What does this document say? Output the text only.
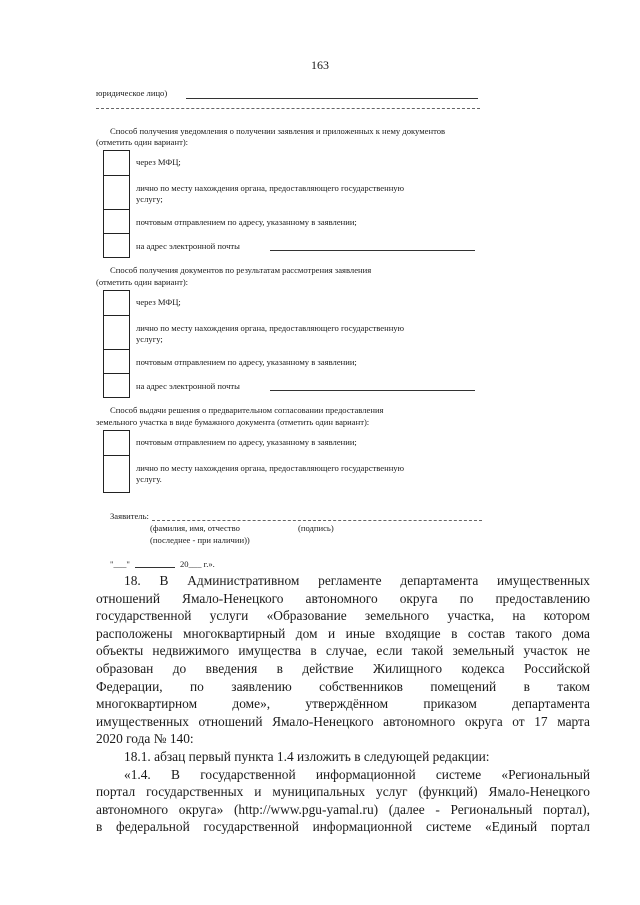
163
юридическое лицо)
Способ получения уведомления о получении заявления и приложенных к нему документов
(отметить один вариант):
через МФЦ;
лично по месту нахождения органа, предоставляющего государственную
услугу;
почтовым отправлением по адресу, указанному в заявлении;
на адрес электронной почты
Способ получения документов по результатам рассмотрения заявления
(отметить один вариант):
через МФЦ;
лично по месту нахождения органа, предоставляющего государственную
услугу;
почтовым отправлением по адресу, указанному в заявлении;
на адрес электронной почты
Способ выдачи решения о предварительном согласовании предоставления
земельного участка в виде бумажного документа (отметить один вариант):
почтовым отправлением по адресу, указанному в заявлении;
лично по месту нахождения органа, предоставляющего государственную
услугу.
Заявитель:
(фамилия, имя, отчество	(подпись)
(последнее - при наличии))
"___"	20___ г.».

18. В Административном регламенте департамента имущественных

отношений Ямало-Ненецкого автономного округа по предоставлению

государственной услуги «Образование земельного участка, на котором

расположены многоквартирный дом и иные входящие в состав такого дома

объекты недвижимого имущества в случае, если такой земельный участок не

образован до введения в действие Жилищного кодекса Российской

Федерации, по заявлению собственников помещений в таком

многоквартирном доме», утверждённом приказом департамента

имущественных отношений Ямало-Ненецкого автономного округа от 17 марта

2020 года № 140:

18.1. абзац первый пункта 1.4 изложить в следующей редакции:

«1.4. В государственной информационной системе «Региональный

портал государственных и муниципальных услуг (функций) Ямало-Ненецкого

автономного округа» (http://www.pgu-yamal.ru) (далее - Региональный портал),

в федеральной государственной информационной системе «Единый портал
